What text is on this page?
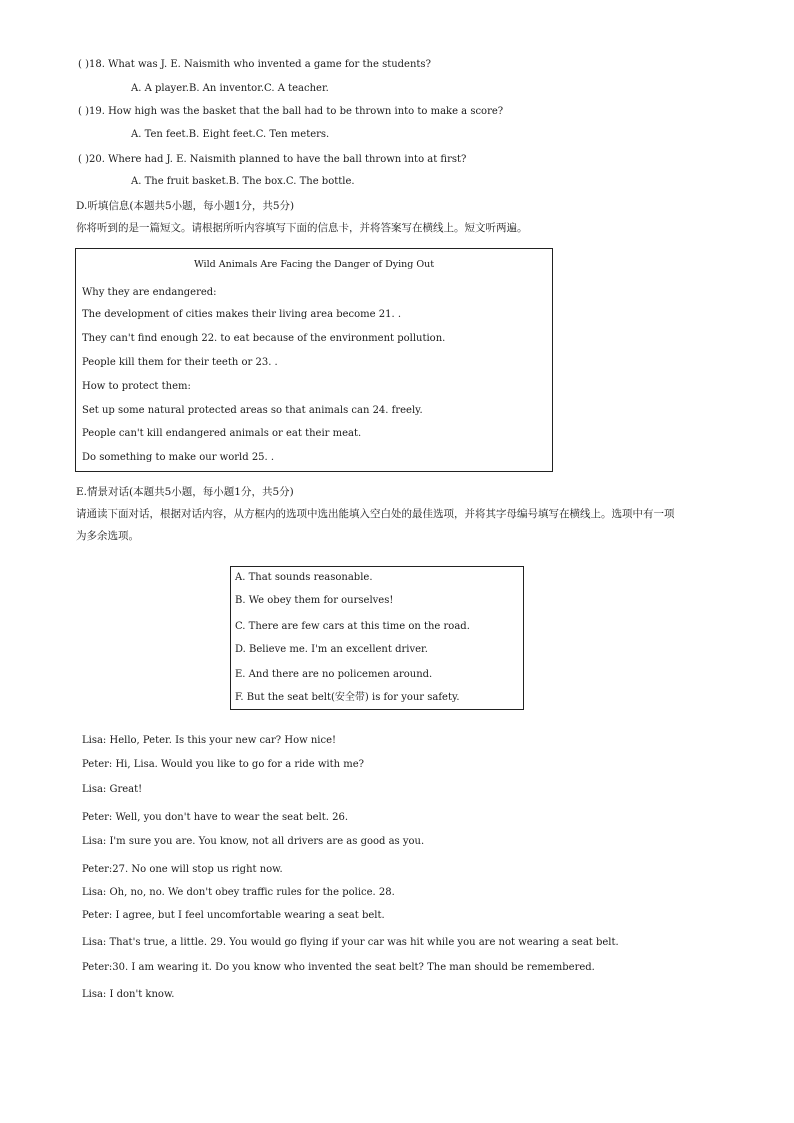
( )18. What was J. E. Naismith who invented a game for the students?
A. A player.B. An inventor.C. A teacher.
( )19. How high was the basket that the ball had to be thrown into to make a score?
A. Ten feet.B. Eight feet.C. Ten meters.
( )20. Where had J. E. Naismith planned to have the ball thrown into at first?
A. The fruit basket.B. The box.C. The bottle.
D.听填信息(本题共5小题，每小题1分，共5分)
你将听到的是一篇短文。请根据所听内容填写下面的信息卡，并将答案写在横线上。短文听两遍。
Wild Animals Are Facing the Danger of Dying Out
Why they are endangered:
The development of cities makes their living area become 21. .
They can't find enough 22. to eat because of the environment pollution.
People kill them for their teeth or 23. .
How to protect them:
Set up some natural protected areas so that animals can 24. freely.
People can't kill endangered animals or eat their meat.
Do something to make our world 25. .
E.情景对话(本题共5小题，每小题1分，共5分)
请通读下面对话，根据对话内容，从方框内的选项中选出能填入空白处的最佳选项，并将其字母编号填写在横线上。选项中有一项
为多余选项。
A. That sounds reasonable.
B. We obey them for ourselves!
C. There are few cars at this time on the road.
D. Believe me. I'm an excellent driver.
E. And there are no policemen around.
F. But the seat belt(安全带) is for your safety.
Lisa: Hello, Peter. Is this your new car? How nice!
Peter: Hi, Lisa. Would you like to go for a ride with me?
Lisa: Great!
Peter: Well, you don't have to wear the seat belt. 26.
Lisa: I'm sure you are. You know, not all drivers are as good as you.
Peter:27. No one will stop us right now.
Lisa: Oh, no, no. We don't obey traffic rules for the police. 28.
Peter: I agree, but I feel uncomfortable wearing a seat belt.
Lisa: That's true, a little. 29. You would go flying if your car was hit while you are not wearing a seat belt.
Peter:30. I am wearing it. Do you know who invented the seat belt? The man should be remembered.
Lisa: I don't know.
